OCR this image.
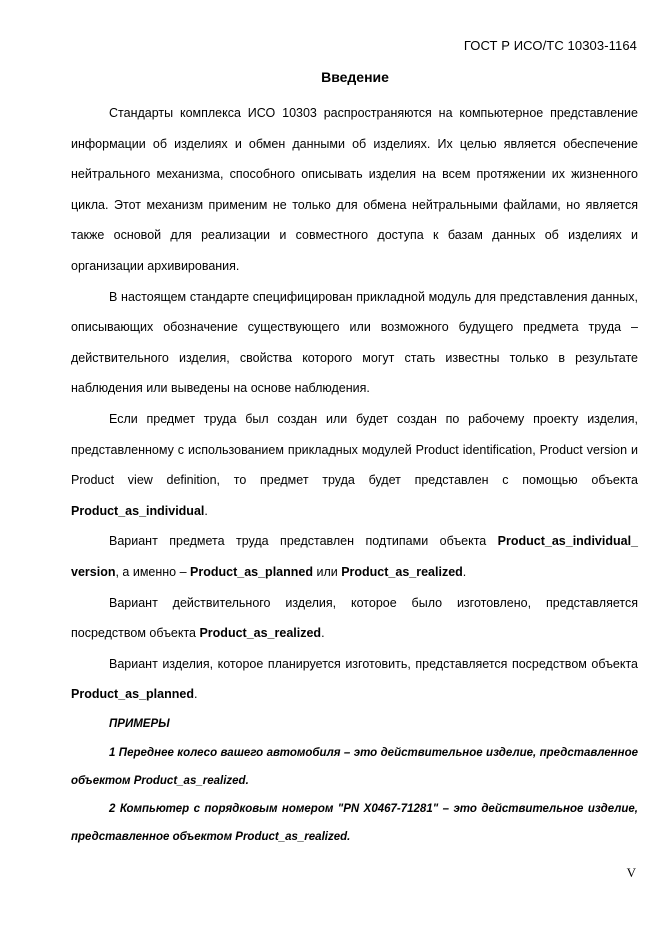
ГОСТ Р ИСО/ТС 10303-1164
Введение

Стандарты комплекса ИСО 10303 распространяются на компьютерное представление информации об изделиях и обмен данными об изделиях. Их целью является обеспечение нейтрального механизма, способного описывать изделия на всем протяжении их жизненного цикла. Этот механизм применим не только для обмена нейтральными файлами, но является также основой для реализации и совместного доступа к базам данных об изделиях и организации архивирования.

В настоящем стандарте специфицирован прикладной модуль для представления данных, описывающих обозначение существующего или возможного будущего предмета труда – действительного изделия, свойства которого могут стать известны только в результате наблюдения или выведены на основе наблюдения.

Если предмет труда был создан или будет создан по рабочему проекту изделия, представленному с использованием прикладных модулей Product identification, Product version и Product view definition, то предмет труда будет представлен с помощью объекта Product_as_individual.

Вариант предмета труда представлен подтипами объекта Product_as_individual_ version, а именно – Product_as_planned или Product_as_realized.

Вариант действительного изделия, которое было изготовлено, представляется посредством объекта Product_as_realized.

Вариант изделия, которое планируется изготовить, представляется посредством объекта Product_as_planned.

ПРИМЕРЫ

1 Переднее колесо вашего автомобиля – это действительное изделие, представленное объектом Product_as_realized.

2 Компьютер с порядковым номером "PN X0467-71281" – это действительное изделие, представленное объектом Product_as_realized.

V
